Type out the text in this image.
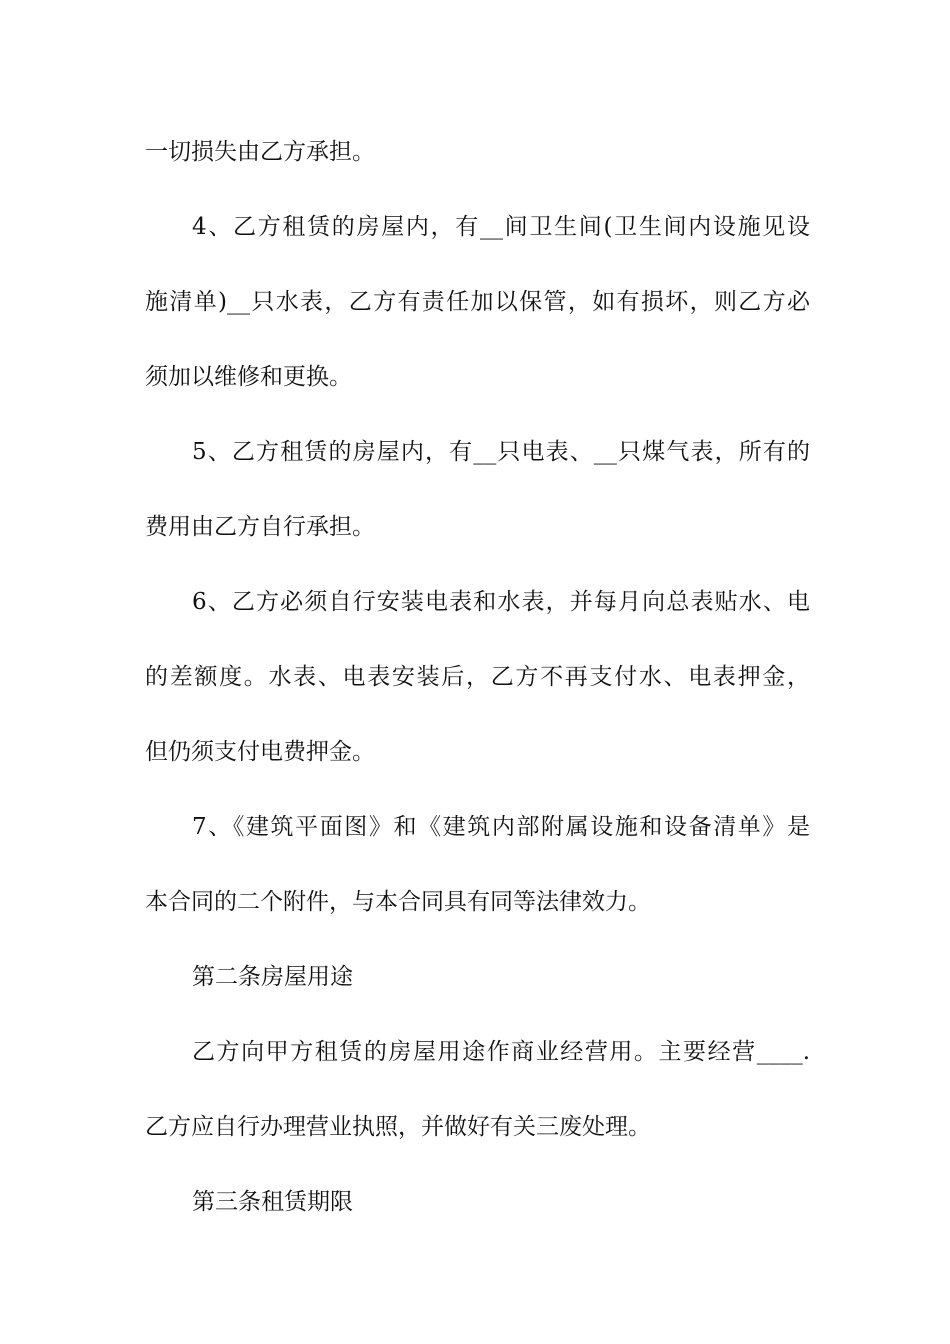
一切损失由乙方承担。
4、乙方租赁的房屋内，有__间卫生间(卫生间内设施见设
施清单)__只水表，乙方有责任加以保管，如有损坏，则乙方必
须加以维修和更换。
5、乙方租赁的房屋内，有__只电表、__只煤气表，所有的
费用由乙方自行承担。
6、乙方必须自行安装电表和水表，并每月向总表贴水、电
的差额度。水表、电表安装后，乙方不再支付水、电表押金，
但仍须支付电费押金。
7、《建筑平面图》和《建筑内部附属设施和设备清单》是
本合同的二个附件，与本合同具有同等法律效力。
第二条房屋用途
乙方向甲方租赁的房屋用途作商业经营用。主要经营____.
乙方应自行办理营业执照，并做好有关三废处理。
第三条租赁期限
